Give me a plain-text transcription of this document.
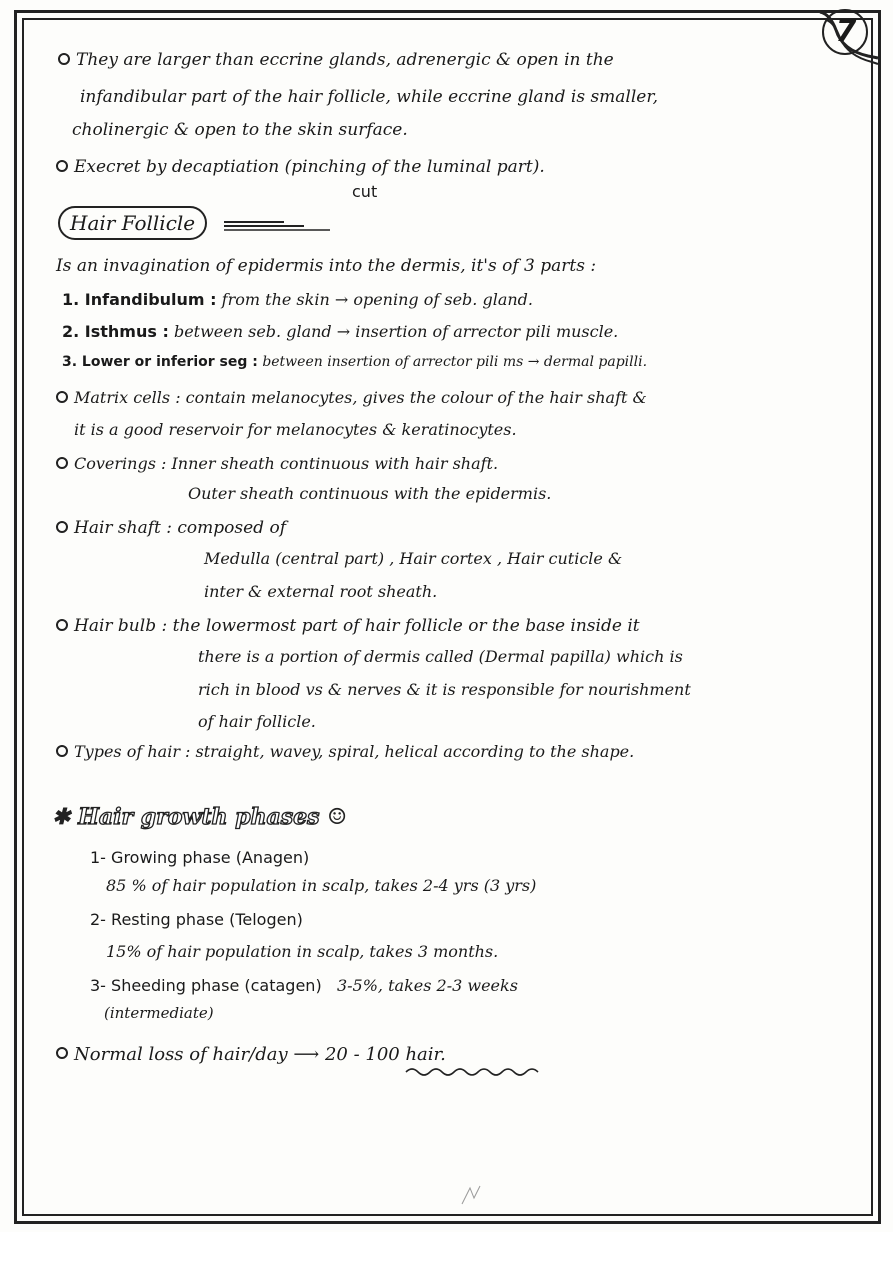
7
They are larger than eccrine glands, adrenergic & open in the
infandibular part of the hair follicle, while eccrine gland is smaller,
cholinergic & open to the skin surface.
Execret by decaptiation (pinching of the luminal part).
cut
Hair Follicle
Is an invagination of epidermis into the dermis, it's of 3 parts :
1. Infandibulum : from the skin → opening of seb. gland.
2. Isthmus : between seb. gland → insertion of arrector pili muscle.
3. Lower or inferior seg : between insertion of arrector pili ms → dermal papilli.
Matrix cells : contain melanocytes, gives the colour of the hair shaft &
it is a good reservoir for melanocytes & keratinocytes.
Coverings : Inner sheath continuous with hair shaft.
Outer sheath continuous with the epidermis.
Hair shaft : composed of
Medulla (central part) , Hair cortex , Hair cuticle &
inter & external root sheath.
Hair bulb : the lowermost part of hair follicle or the base inside it
there is a portion of dermis called (Dermal papilla) which is
rich in blood vs & nerves & it is responsible for nourishment
of hair follicle.
Types of hair : straight, wavey, spiral, helical according to the shape.
✱ Hair growth phases ☺
1- Growing phase (Anagen)
85 % of hair population in scalp, takes 2-4 yrs (3 yrs)
2- Resting phase (Telogen)
15% of hair population in scalp, takes 3 months.
3- Sheeding phase (catagen) 3-5%, takes 2-3 weeks
(intermediate)
Normal loss of hair/day ⟶ 20 - 100 hair.
